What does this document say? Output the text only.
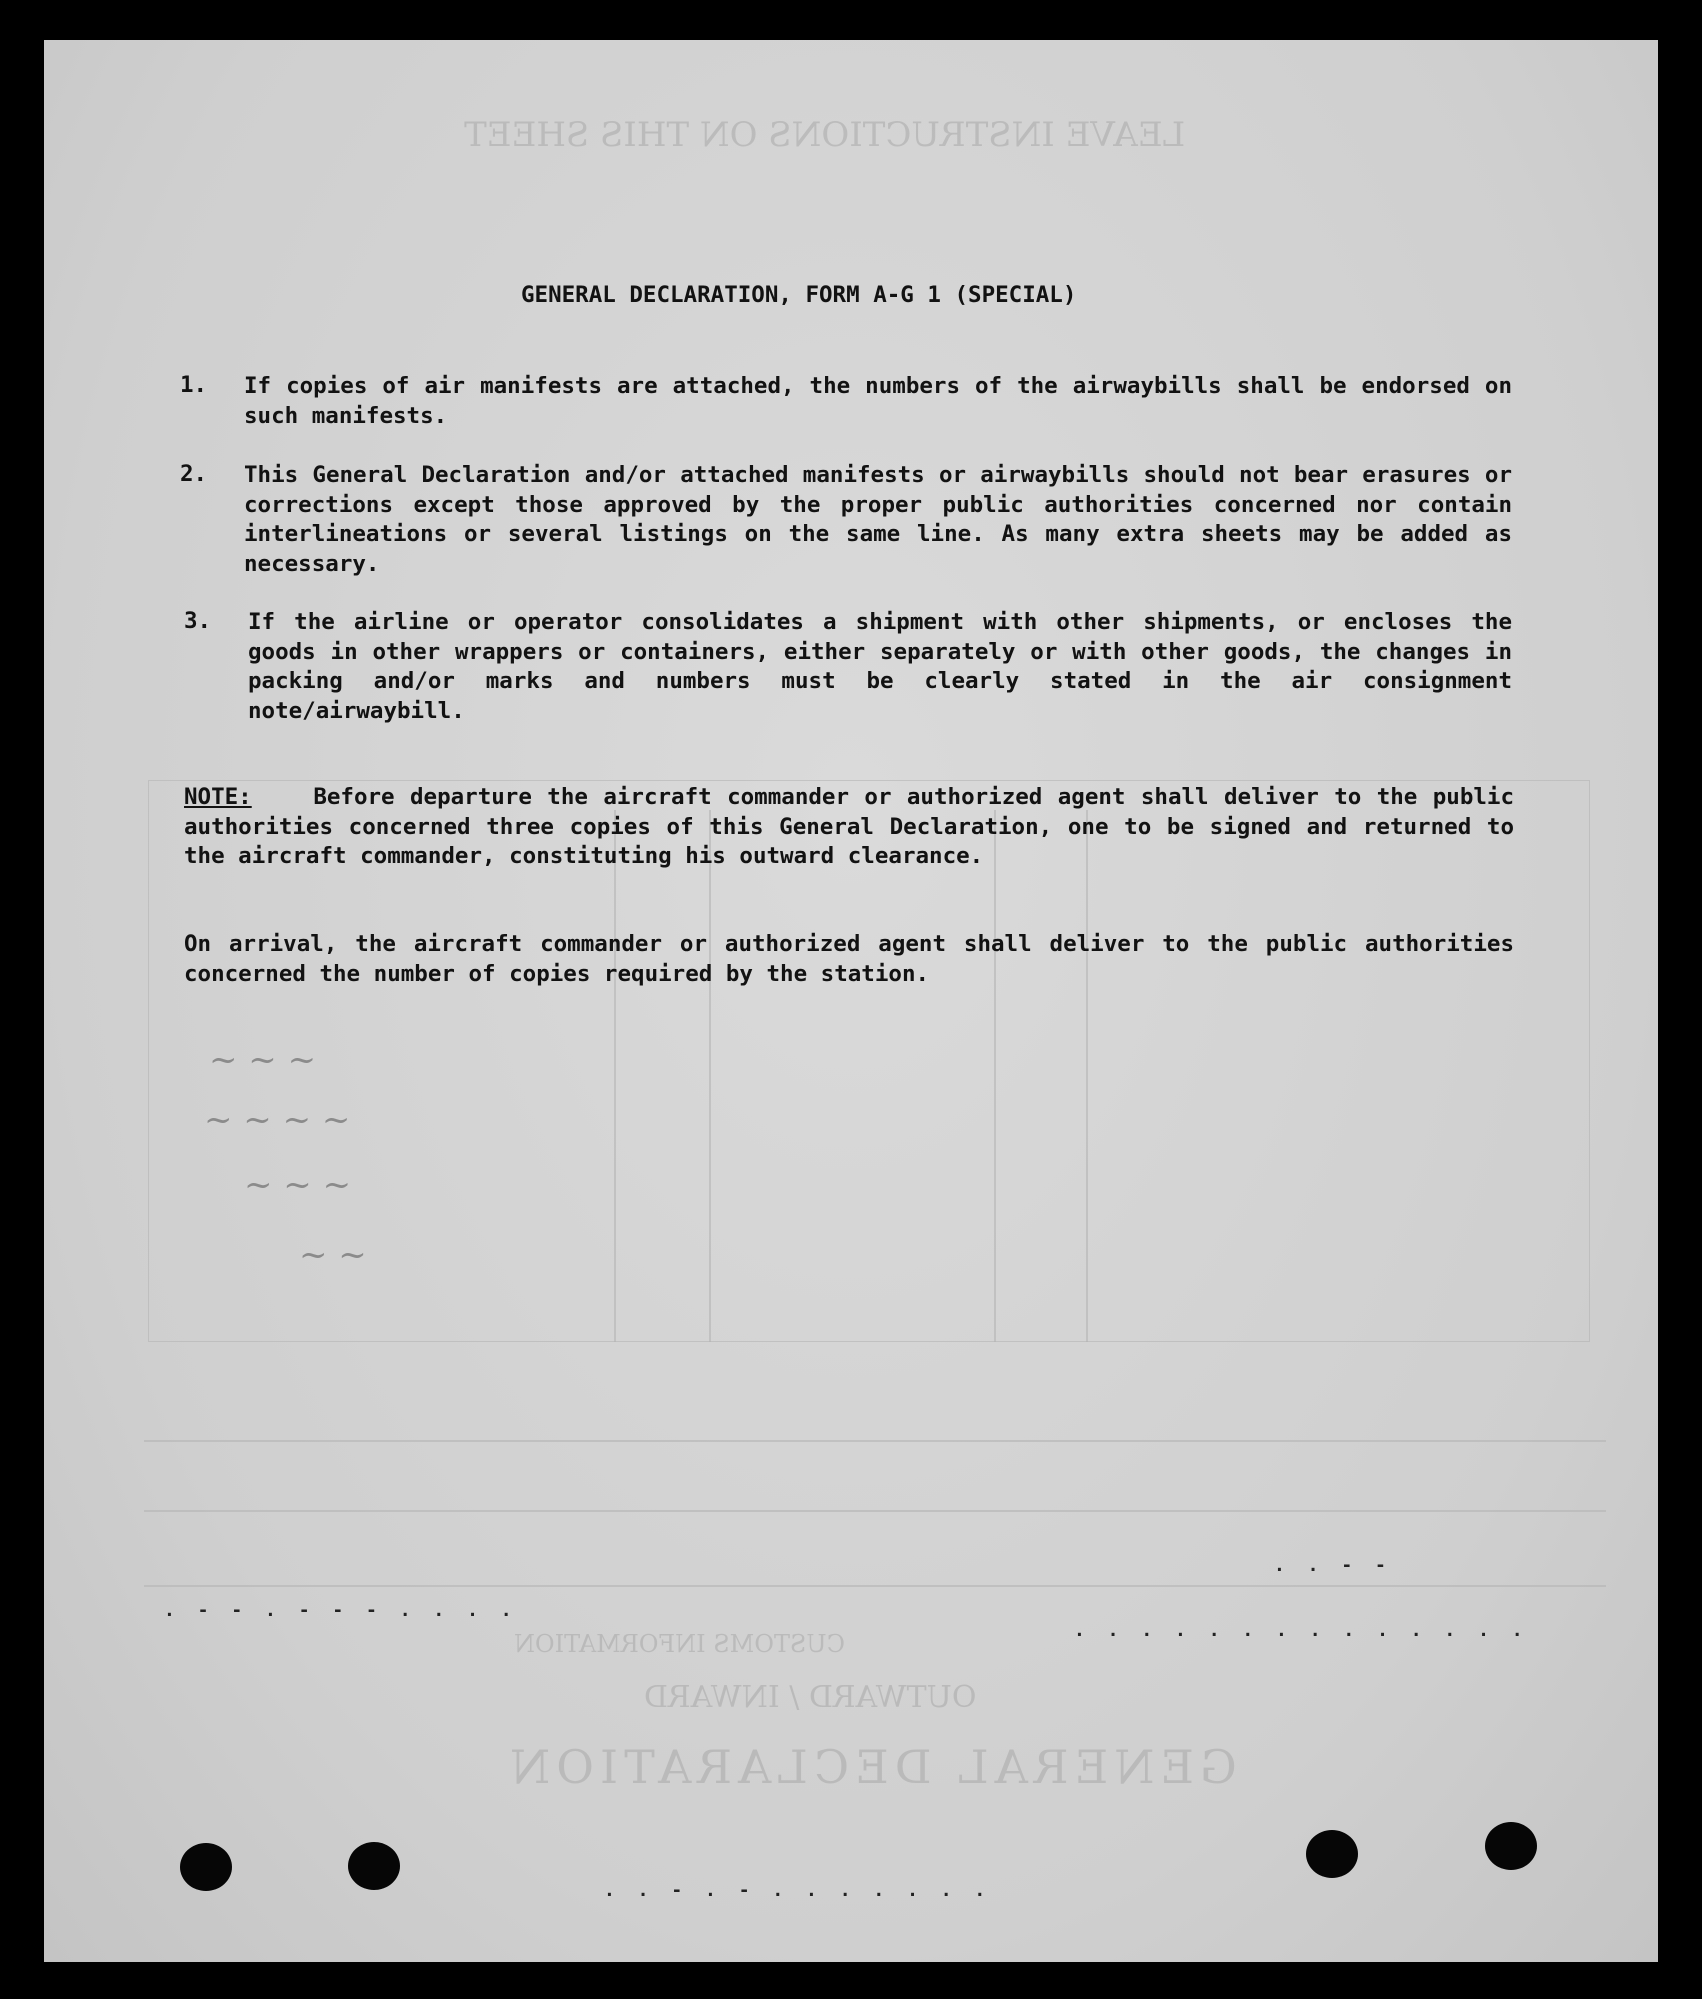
LEAVE INSTRUCTIONS ON THIS SHEET
GENERAL DECLARATION
OUTWARD / INWARD
CUSTOMS INFORMATION
~ ~ ~
~ ~ ~ ~
~ ~ ~
~ ~
. - - . - - - . . . .
. . . . . . . . . . . . . .
. . - . - . . . . . . .
. . - -
GENERAL DECLARATION, FORM A-G 1 (SPECIAL)
1. If copies of air manifests are attached, the numbers of the airwaybills shall be endorsed on such manifests.
2. This General Declaration and/or attached manifests or airwaybills should not bear erasures or corrections except those approved by the proper public authorities concerned nor contain interlineations or several listings on the same line. As many extra sheets may be added as necessary.
3. If the airline or operator consolidates a shipment with other shipments, or encloses the goods in other wrappers or containers, either separately or with other goods, the changes in packing and/or marks and numbers must be clearly stated in the air consignment note/airwaybill.
NOTE:	Before departure the aircraft commander or authorized agent shall deliver to the public authorities concerned three copies of this General Declaration, one to be signed and returned to the aircraft commander, constituting his outward clearance.
On arrival, the aircraft commander or authorized agent shall deliver to the public authorities concerned the number of copies required by the station.
